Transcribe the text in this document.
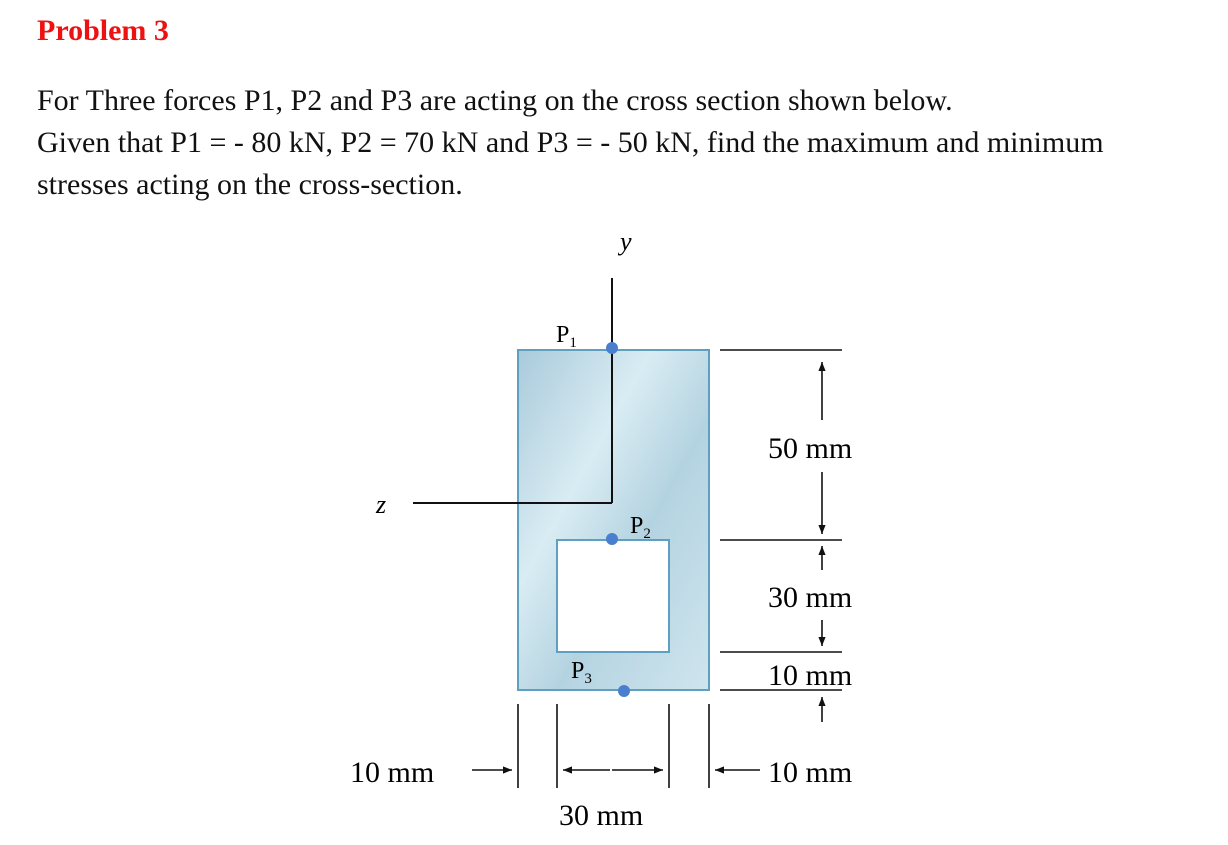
Problem 3
For Three forces P1, P2 and P3 are acting on the cross section shown below.
Given that P1 = - 80 kN, P2 = 70 kN and P3 = - 50 kN, find the maximum and minimum
stresses acting on the cross-section.
y
z
$P_1$
$P_2$
$P_3$
50 mm
30 mm
10 mm
10 mm
30 mm
10 mm
